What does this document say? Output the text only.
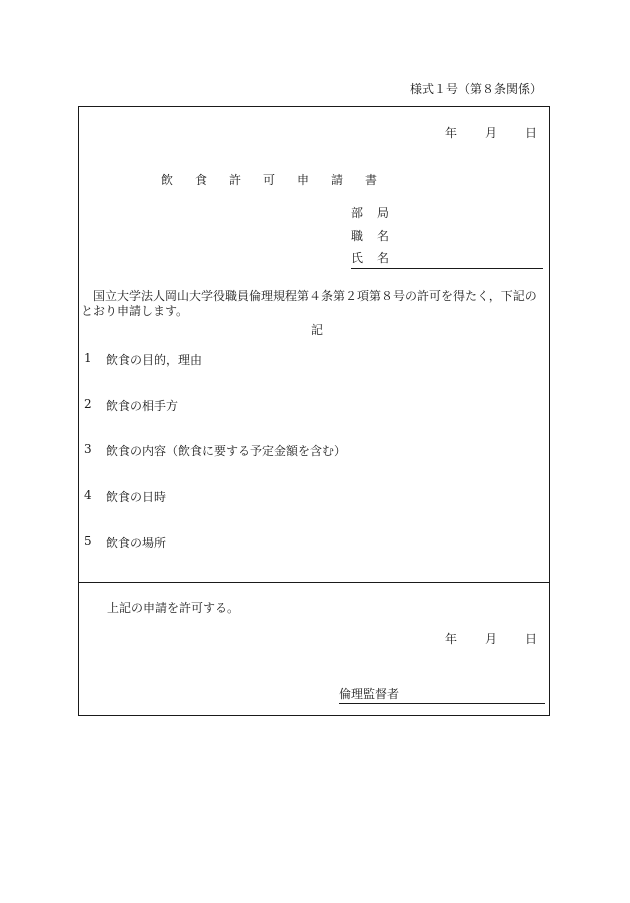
様式１号（第８条関係）
年 月 日
飲	食	許	可	申	請	書
部 局
職 名
氏 名
国立大学法人岡山大学役職員倫理規程第４条第２項第８号の許可を得たく，下記のとおり申請します。
記
1	飲食の目的，理由
2	飲食の相手方
3	飲食の内容（飲食に要する予定金額を含む）
4	飲食の日時
5	飲食の場所
上記の申請を許可する。
年 月 日
倫理監督者
